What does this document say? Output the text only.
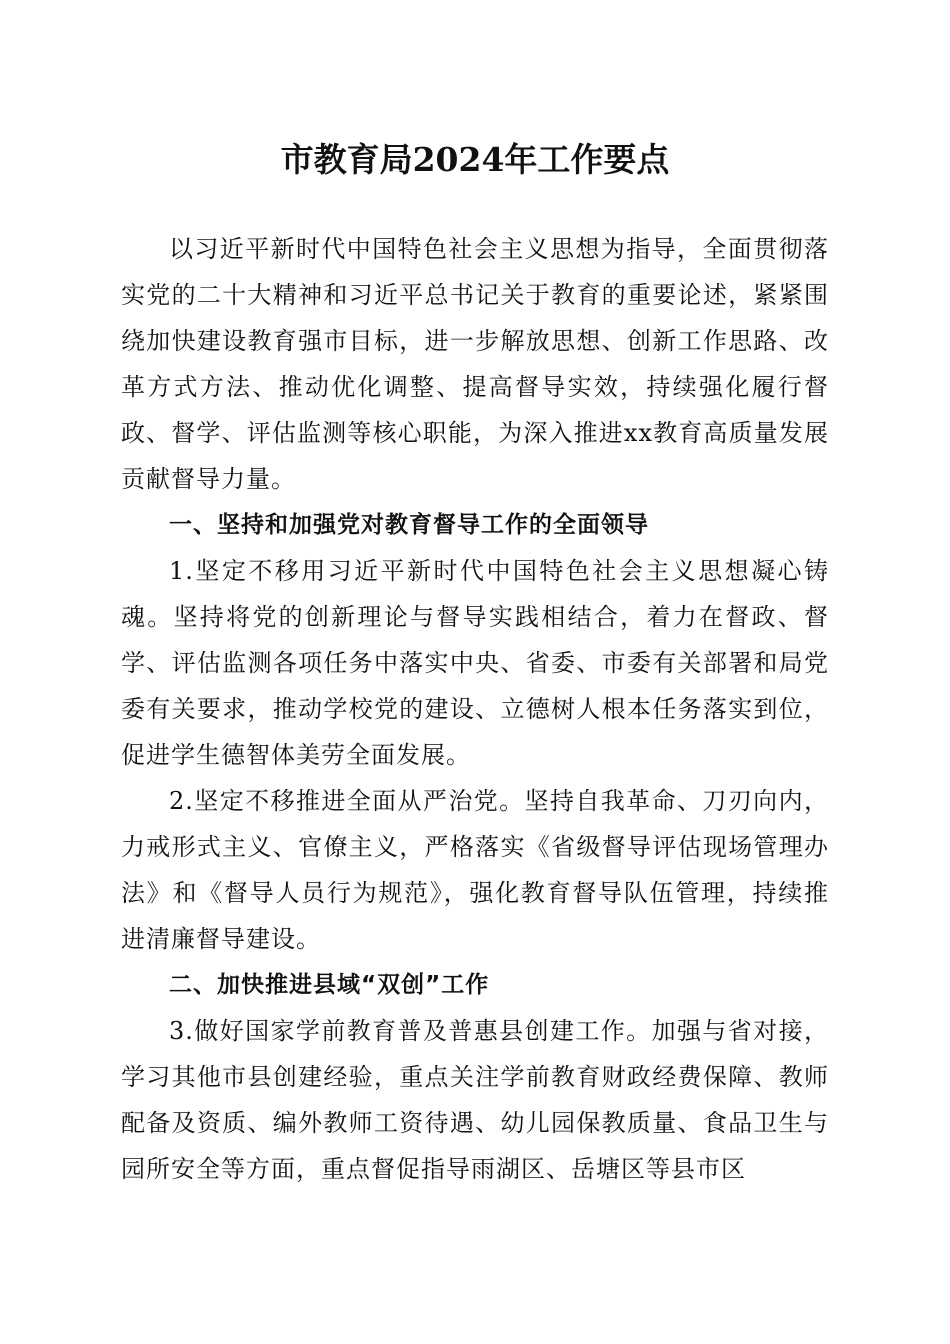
市教育局2024年工作要点

以习近平新时代中国特色社会主义思想为指导，全面贯彻落实党的二十大精神和习近平总书记关于教育的重要论述，紧紧围绕加快建设教育强市目标，进一步解放思想、创新工作思路、改革方式方法、推动优化调整、提高督导实效，持续强化履行督政、督学、评估监测等核心职能，为深入推进xx教育高质量发展贡献督导力量。

一、坚持和加强党对教育督导工作的全面领导

1.坚定不移用习近平新时代中国特色社会主义思想凝心铸魂。坚持将党的创新理论与督导实践相结合，着力在督政、督学、评估监测各项任务中落实中央、省委、市委有关部署和局党委有关要求，推动学校党的建设、立德树人根本任务落实到位，促进学生德智体美劳全面发展。

2.坚定不移推进全面从严治党。坚持自我革命、刀刃向内，力戒形式主义、官僚主义，严格落实《省级督导评估现场管理办法》和《督导人员行为规范》，强化教育督导队伍管理，持续推进清廉督导建设。

二、加快推进县域“双创”工作

3.做好国家学前教育普及普惠县创建工作。加强与省对接，学习其他市县创建经验，重点关注学前教育财政经费保障、教师配备及资质、编外教师工资待遇、幼儿园保教质量、食品卫生与园所安全等方面，重点督促指导雨湖区、岳塘区等县市区
